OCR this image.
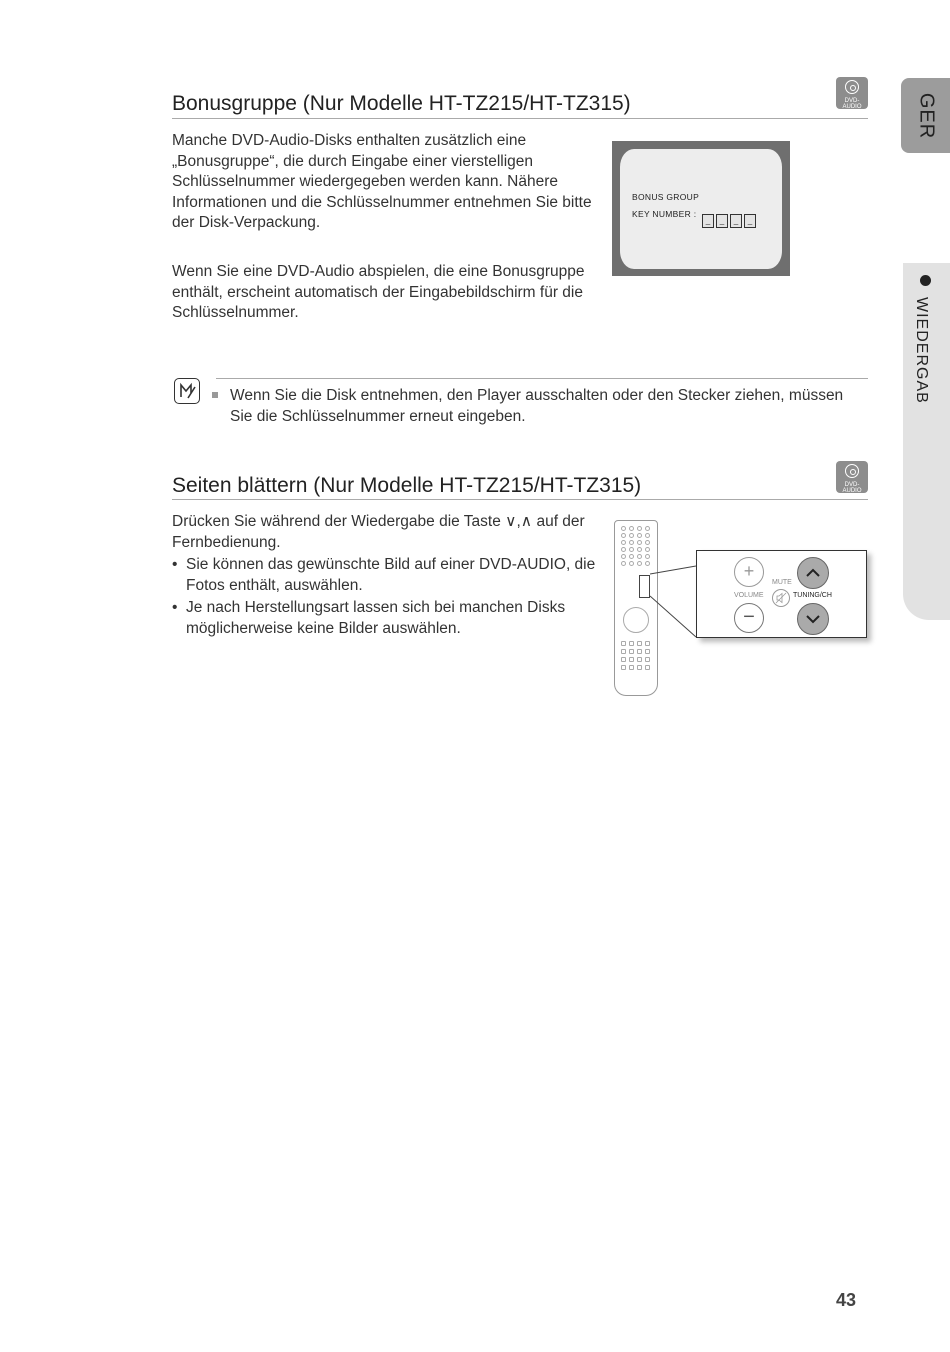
GER
WIEDERGAB
Bonusgruppe (Nur Modelle HT-TZ215/HT-TZ315)	DVD-AUDIO
Manche DVD-Audio-Disks enthalten zusätzlich eine
„Bonusgruppe“, die durch Eingabe einer vierstelligen
Schlüsselnummer wiedergegeben werden kann. Nähere
Informationen und die Schlüsselnummer entnehmen Sie bitte
der Disk-Verpackung.
Wenn Sie eine DVD-Audio abspielen, die eine Bonusgruppe
enthält, erscheint automatisch der Eingabebildschirm für die
Schlüsselnummer.
BONUS GROUP
KEY NUMBER :
_	_	_	_
Wenn Sie die Disk entnehmen, den Player ausschalten oder den Stecker ziehen, müssen
Sie die Schlüsselnummer erneut eingeben.
Seiten blättern (Nur Modelle HT-TZ215/HT-TZ315)	DVD-AUDIO
Drücken Sie während der Wiedergabe die Taste ∨,∧ auf der
Fernbedienung.
• Sie können das gewünschte Bild auf einer DVD-AUDIO, die
Fotos enthält, auswählen.
• Je nach Herstellungsart lassen sich bei manchen Disks
möglicherweise keine Bilder auswählen.
+
VOLUME
−
MUTE
TUNING/CH
43
